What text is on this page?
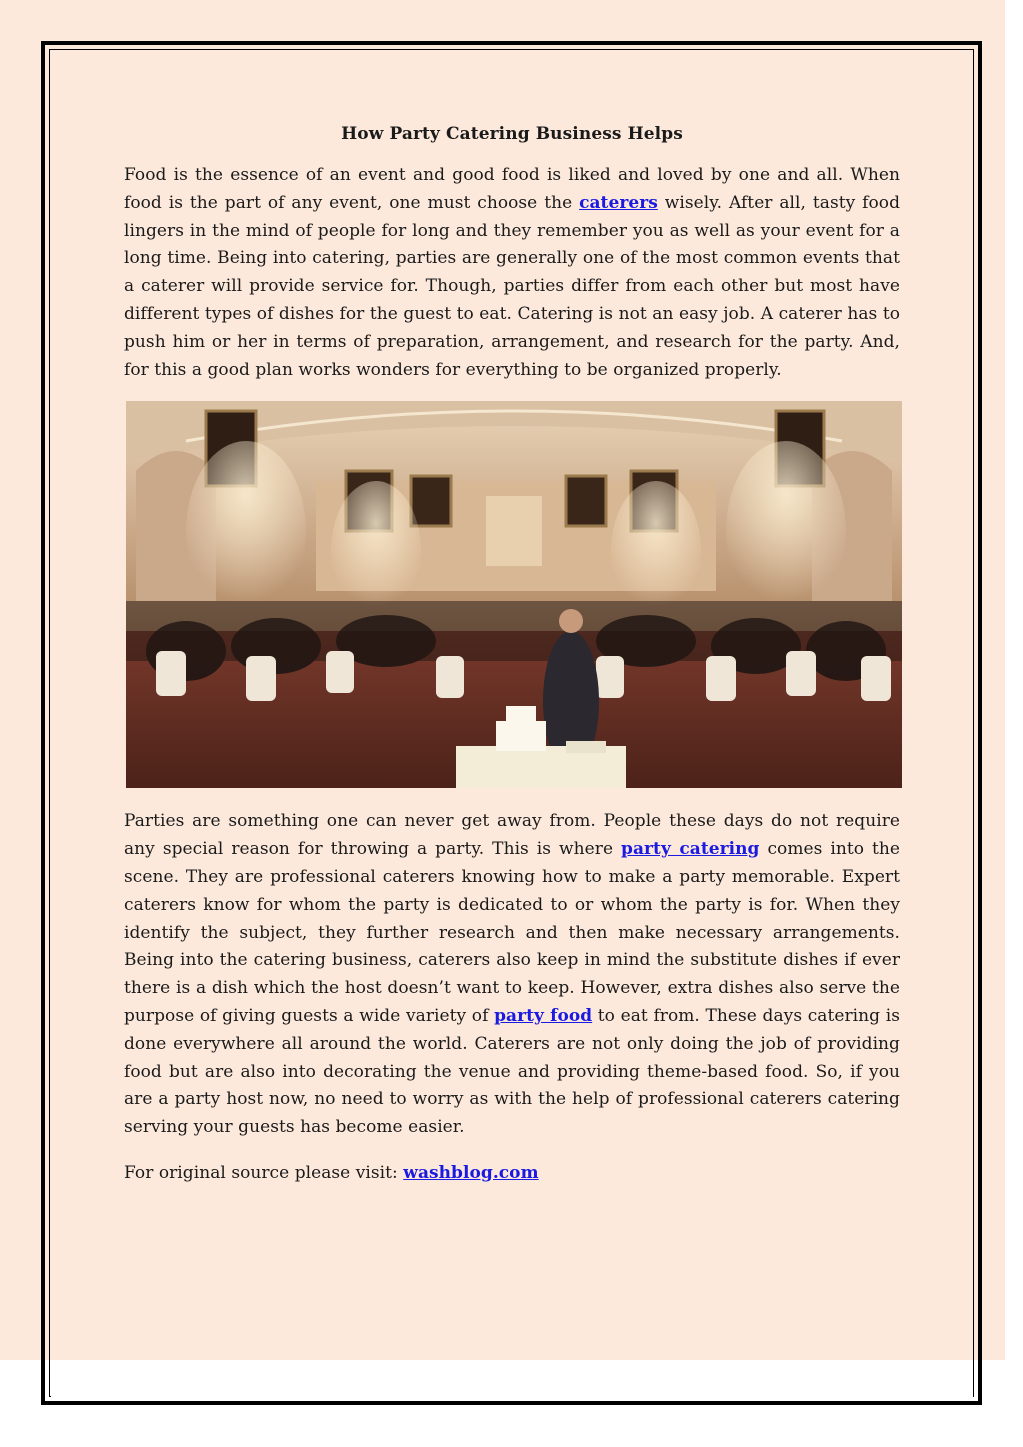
How Party Catering Business Helps

Food is the essence of an event and good food is liked and loved by one and all. When food is the part of any event, one must choose the caterers wisely. After all, tasty food lingers in the mind of people for long and they remember you as well as your event for a long time. Being into catering, parties are generally one of the most common events that a caterer will provide service for. Though, parties differ from each other but most have different types of dishes for the guest to eat. Catering is not an easy job. A caterer has to push him or her in terms of preparation, arrangement, and research for the party. And, for this a good plan works wonders for everything to be organized properly.

Parties are something one can never get away from. People these days do not require any special reason for throwing a party. This is where party catering comes into the scene. They are professional caterers knowing how to make a party memorable. Expert caterers know for whom the party is dedicated to or whom the party is for. When they identify the subject, they further research and then make necessary arrangements. Being into the catering business, caterers also keep in mind the substitute dishes if ever there is a dish which the host doesn’t want to keep. However, extra dishes also serve the purpose of giving guests a wide variety of party food to eat from. These days catering is done everywhere all around the world. Caterers are not only doing the job of providing food but are also into decorating the venue and providing theme-based food. So, if you are a party host now, no need to worry as with the help of professional caterers catering serving your guests has become easier.

For original source please visit: washblog.com
